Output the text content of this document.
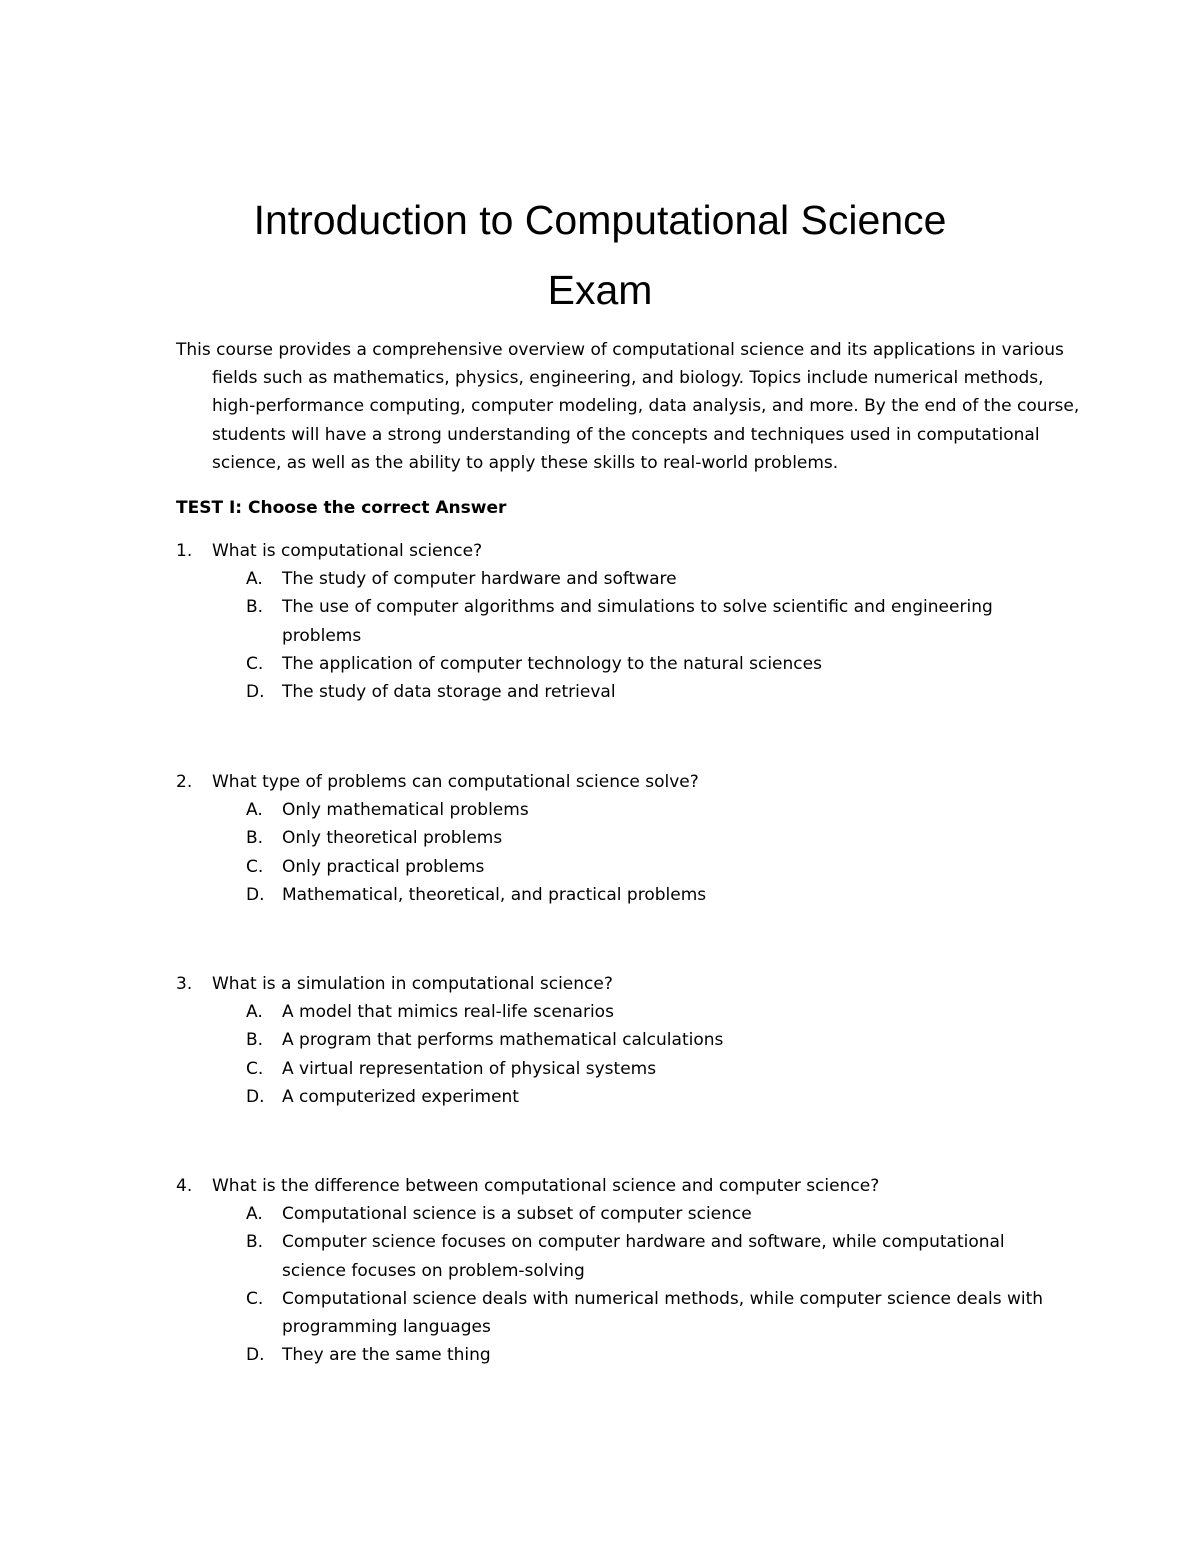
Introduction to Computational Science
Exam

This course provides a comprehensive overview of computational science and its applications in various fields such as mathematics, physics, engineering, and biology. Topics include numerical methods, high-performance computing, computer modeling, data analysis, and more. By the end of the course, students will have a strong understanding of the concepts and techniques used in computational science, as well as the ability to apply these skills to real-world problems.

TEST I: Choose the correct Answer

1. What is computational science?
A. The study of computer hardware and software
B. The use of computer algorithms and simulations to solve scientific and engineering problems
C. The application of computer technology to the natural sciences
D. The study of data storage and retrieval
2. What type of problems can computational science solve?
A. Only mathematical problems
B. Only theoretical problems
C. Only practical problems
D. Mathematical, theoretical, and practical problems
3. What is a simulation in computational science?
A. A model that mimics real-life scenarios
B. A program that performs mathematical calculations
C. A virtual representation of physical systems
D. A computerized experiment
4. What is the difference between computational science and computer science?
A. Computational science is a subset of computer science
B. Computer science focuses on computer hardware and software, while computational science focuses on problem-solving
C. Computational science deals with numerical methods, while computer science deals with programming languages
D. They are the same thing
